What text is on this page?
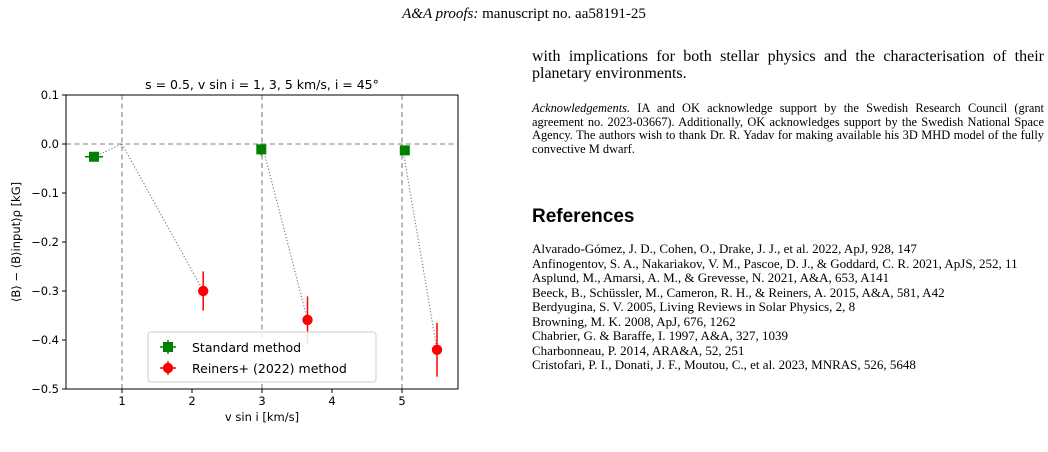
A&A proofs: manuscript no. aa58191-25
1	2	3	4	5
0.1
0.0
−0.1
−0.2
−0.3
−0.4
−0.5
s = 0.5, v sin i = 1, 3, 5 km/s, i = 45°
v sin i [km/s]
⟨B⟩ − ⟨B⟩input⟩ρ [kG]
Standard method
Reiners+ (2022) method

with implications for both stellar physics and the characterisation of their planetary environments.

Acknowledgements. IA and OK acknowledge support by the Swedish Research Council (grant agreement no. 2023-03667). Additionally, OK acknowledges support by the Swedish National Space Agency. The authors wish to thank Dr. R. Yadav for making available his 3D MHD model of the fully convective M dwarf.

References
Alvarado-Gómez, J. D., Cohen, O., Drake, J. J., et al. 2022, ApJ, 928, 147
Anfinogentov, S. A., Nakariakov, V. M., Pascoe, D. J., & Goddard, C. R. 2021, ApJS, 252, 11
Asplund, M., Amarsi, A. M., & Grevesse, N. 2021, A&A, 653, A141
Beeck, B., Schüssler, M., Cameron, R. H., & Reiners, A. 2015, A&A, 581, A42
Berdyugina, S. V. 2005, Living Reviews in Solar Physics, 2, 8
Browning, M. K. 2008, ApJ, 676, 1262
Chabrier, G. & Baraffe, I. 1997, A&A, 327, 1039
Charbonneau, P. 2014, ARA&A, 52, 251
Cristofari, P. I., Donati, J. F., Moutou, C., et al. 2023, MNRAS, 526, 5648
